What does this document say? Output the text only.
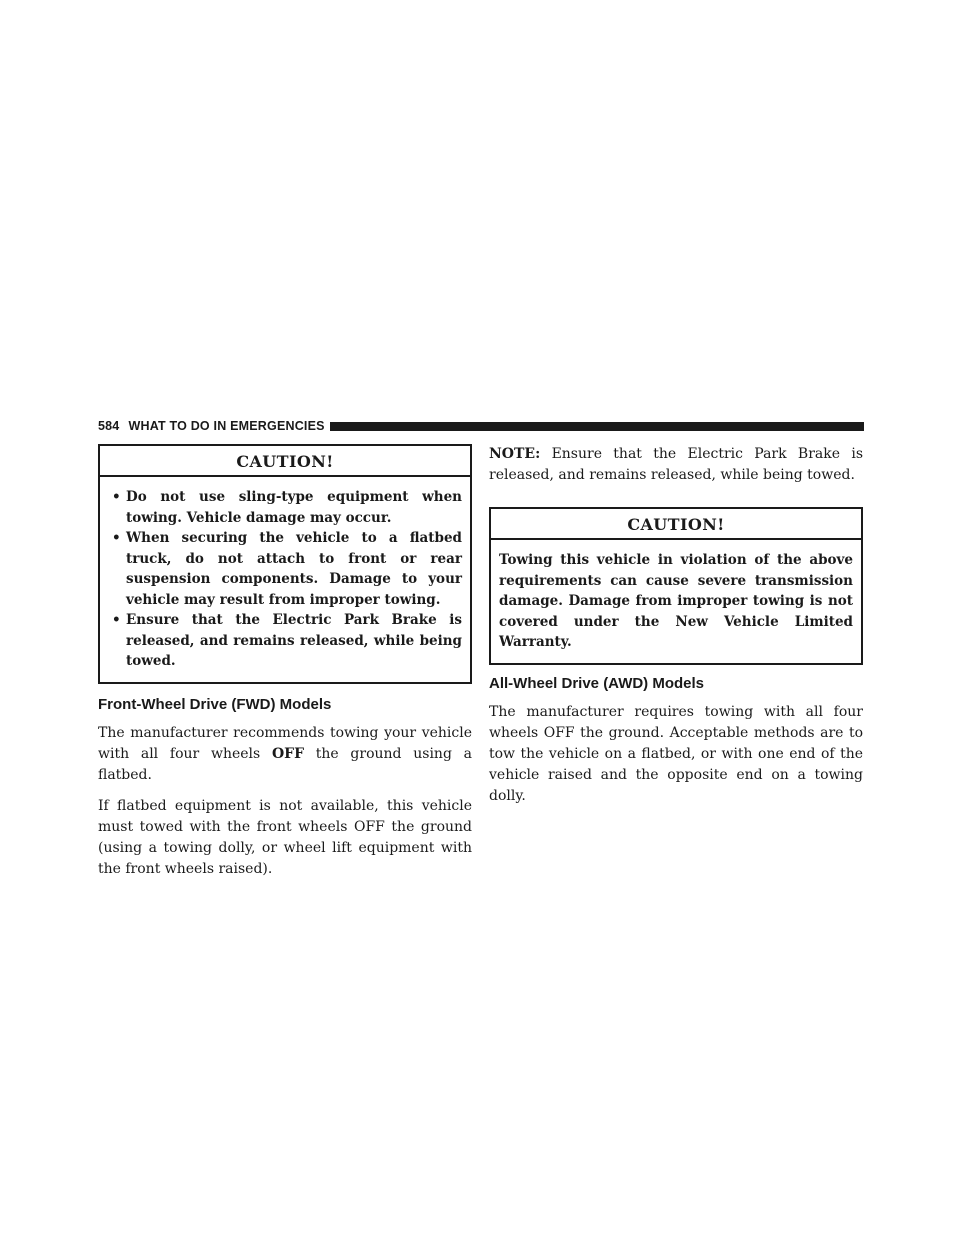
584 WHAT TO DO IN EMERGENCIES
CAUTION!
• Do not use sling-type equipment when towing. Vehicle damage may occur.
• When securing the vehicle to a flatbed truck, do not attach to front or rear suspension components. Damage to your vehicle may result from improper towing.
• Ensure that the Electric Park Brake is released, and remains released, while being towed.
Front-Wheel Drive (FWD) Models

The manufacturer recommends towing your vehicle with all four wheels OFF the ground using a flatbed.

If flatbed equipment is not available, this vehicle must towed with the front wheels OFF the ground (using a towing dolly, or wheel lift equipment with the front wheels raised).

NOTE: Ensure that the Electric Park Brake is released, and remains released, while being towed.

CAUTION!
Towing this vehicle in violation of the above requirements can cause severe transmission damage. Damage from improper towing is not covered under the New Vehicle Limited Warranty.
All-Wheel Drive (AWD) Models

The manufacturer requires towing with all four wheels OFF the ground. Acceptable methods are to tow the vehicle on a flatbed, or with one end of the vehicle raised and the opposite end on a towing dolly.
